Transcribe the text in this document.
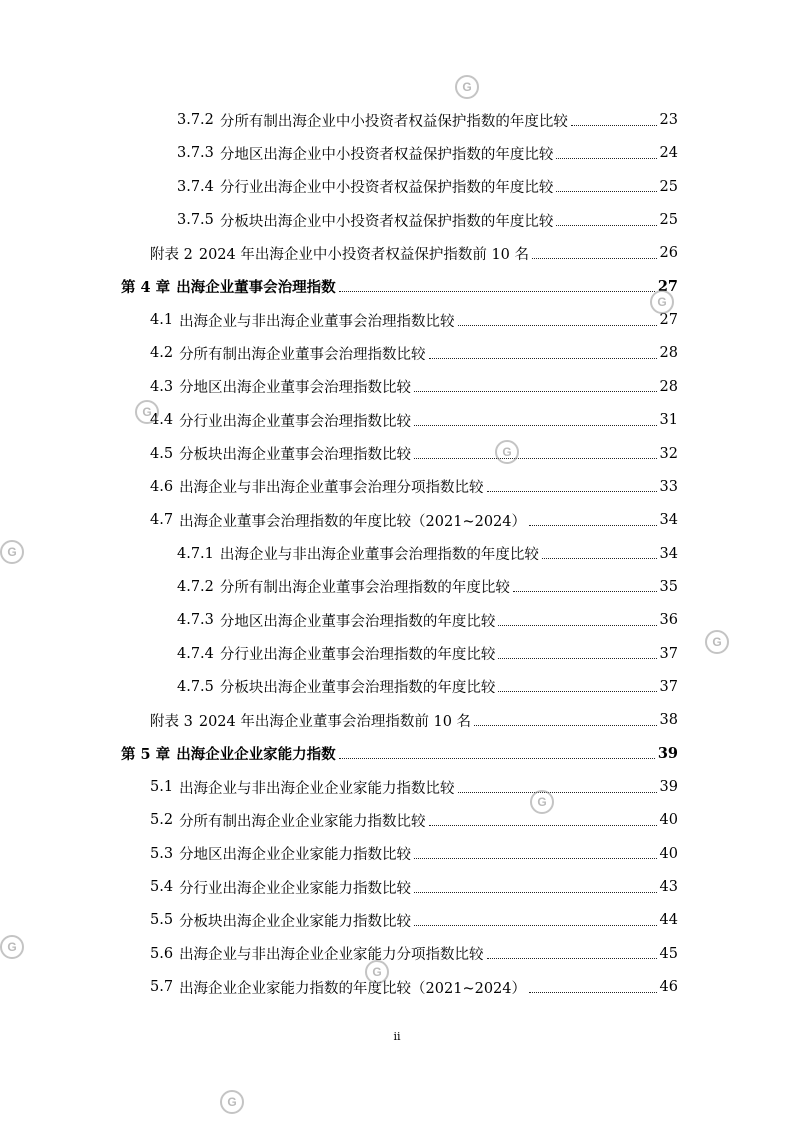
3.7.2 分所有制出海企业中小投资者权益保护指数的年度比较	23
3.7.3 分地区出海企业中小投资者权益保护指数的年度比较	24
3.7.4 分行业出海企业中小投资者权益保护指数的年度比较	25
3.7.5 分板块出海企业中小投资者权益保护指数的年度比较	25
附表 2 2024 年出海企业中小投资者权益保护指数前 10 名	26
第 4 章 出海企业董事会治理指数	27
4.1 出海企业与非出海企业董事会治理指数比较	27
4.2 分所有制出海企业董事会治理指数比较	28
4.3 分地区出海企业董事会治理指数比较	28
4.4 分行业出海企业董事会治理指数比较	31
4.5 分板块出海企业董事会治理指数比较	32
4.6 出海企业与非出海企业董事会治理分项指数比较	33
4.7 出海企业董事会治理指数的年度比较（2021~2024）	34
4.7.1 出海企业与非出海企业董事会治理指数的年度比较	34
4.7.2 分所有制出海企业董事会治理指数的年度比较	35
4.7.3 分地区出海企业董事会治理指数的年度比较	36
4.7.4 分行业出海企业董事会治理指数的年度比较	37
4.7.5 分板块出海企业董事会治理指数的年度比较	37
附表 3 2024 年出海企业董事会治理指数前 10 名	38
第 5 章 出海企业企业家能力指数	39
5.1 出海企业与非出海企业企业家能力指数比较	39
5.2 分所有制出海企业企业家能力指数比较	40
5.3 分地区出海企业企业家能力指数比较	40
5.4 分行业出海企业企业家能力指数比较	43
5.5 分板块出海企业企业家能力指数比较	44
5.6 出海企业与非出海企业企业家能力分项指数比较	45
5.7 出海企业企业家能力指数的年度比较（2021~2024）	46
ii
G
G
G
G
G
G
G
G
G
G
